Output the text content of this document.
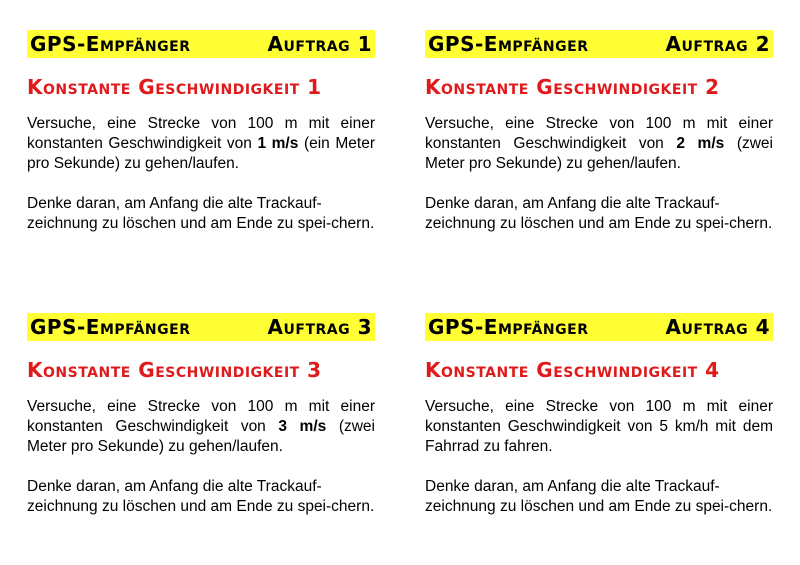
GPS-Empfänger	Auftrag 1
Konstante Geschwindigkeit 1

Versuche, eine Strecke von 100 m mit einer konstanten Geschwindigkeit von 1 m/s (ein Meter pro Sekunde) zu gehen/laufen.

Denke daran, am Anfang die alte Trackauf-zeichnung zu löschen und am Ende zu spei-chern.

GPS-Empfänger	Auftrag 2
Konstante Geschwindigkeit 2

Versuche, eine Strecke von 100 m mit einer konstanten Geschwindigkeit von 2 m/s (zwei Meter pro Sekunde) zu gehen/laufen.

Denke daran, am Anfang die alte Trackauf-zeichnung zu löschen und am Ende zu spei-chern.

GPS-Empfänger	Auftrag 3
Konstante Geschwindigkeit 3

Versuche, eine Strecke von 100 m mit einer konstanten Geschwindigkeit von 3 m/s (zwei Meter pro Sekunde) zu gehen/laufen.

Denke daran, am Anfang die alte Trackauf-zeichnung zu löschen und am Ende zu spei-chern.

GPS-Empfänger	Auftrag 4
Konstante Geschwindigkeit 4

Versuche, eine Strecke von 100 m mit einer konstanten Geschwindigkeit von 5 km/h mit dem Fahrrad zu fahren.

Denke daran, am Anfang die alte Trackauf-zeichnung zu löschen und am Ende zu spei-chern.
